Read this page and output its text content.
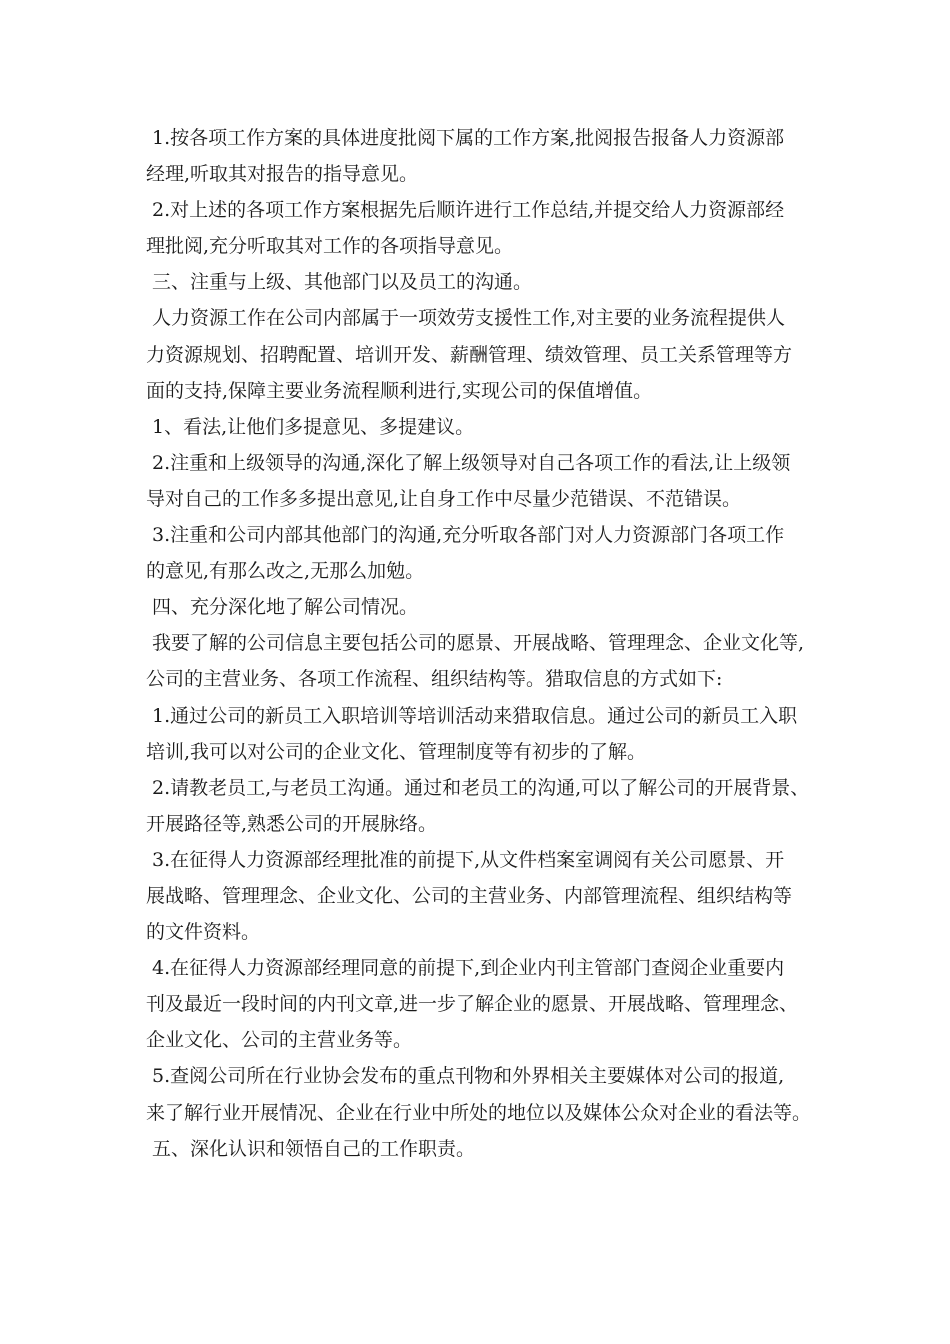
1.按各项工作方案的具体进度批阅下属的工作方案,批阅报告报备人力资源部
经理,听取其对报告的指导意见。
2.对上述的各项工作方案根据先后顺许进行工作总结,并提交给人力资源部经
理批阅,充分听取其对工作的各项指导意见。
三、注重与上级、其他部门以及员工的沟通。
人力资源工作在公司内部属于一项效劳支援性工作,对主要的业务流程提供人
力资源规划、招聘配置、培训开发、薪酬管理、绩效管理、员工关系管理等方
面的支持,保障主要业务流程顺利进行,实现公司的保值增值。
1、看法,让他们多提意见、多提建议。
2.注重和上级领导的沟通,深化了解上级领导对自己各项工作的看法,让上级领
导对自己的工作多多提出意见,让自身工作中尽量少范错误、不范错误。
3.注重和公司内部其他部门的沟通,充分听取各部门对人力资源部门各项工作
的意见,有那么改之,无那么加勉。
四、充分深化地了解公司情况。
我要了解的公司信息主要包括公司的愿景、开展战略、管理理念、企业文化等,
公司的主营业务、各项工作流程、组织结构等。猎取信息的方式如下:
1.通过公司的新员工入职培训等培训活动来猎取信息。通过公司的新员工入职
培训,我可以对公司的企业文化、管理制度等有初步的了解。
2.请教老员工,与老员工沟通。通过和老员工的沟通,可以了解公司的开展背景、
开展路径等,熟悉公司的开展脉络。
3.在征得人力资源部经理批准的前提下,从文件档案室调阅有关公司愿景、开
展战略、管理理念、企业文化、公司的主营业务、内部管理流程、组织结构等
的文件资料。
4.在征得人力资源部经理同意的前提下,到企业内刊主管部门查阅企业重要内
刊及最近一段时间的内刊文章,进一步了解企业的愿景、开展战略、管理理念、
企业文化、公司的主营业务等。
5.查阅公司所在行业协会发布的重点刊物和外界相关主要媒体对公司的报道,
来了解行业开展情况、企业在行业中所处的地位以及媒体公众对企业的看法等。
五、深化认识和领悟自己的工作职责。
